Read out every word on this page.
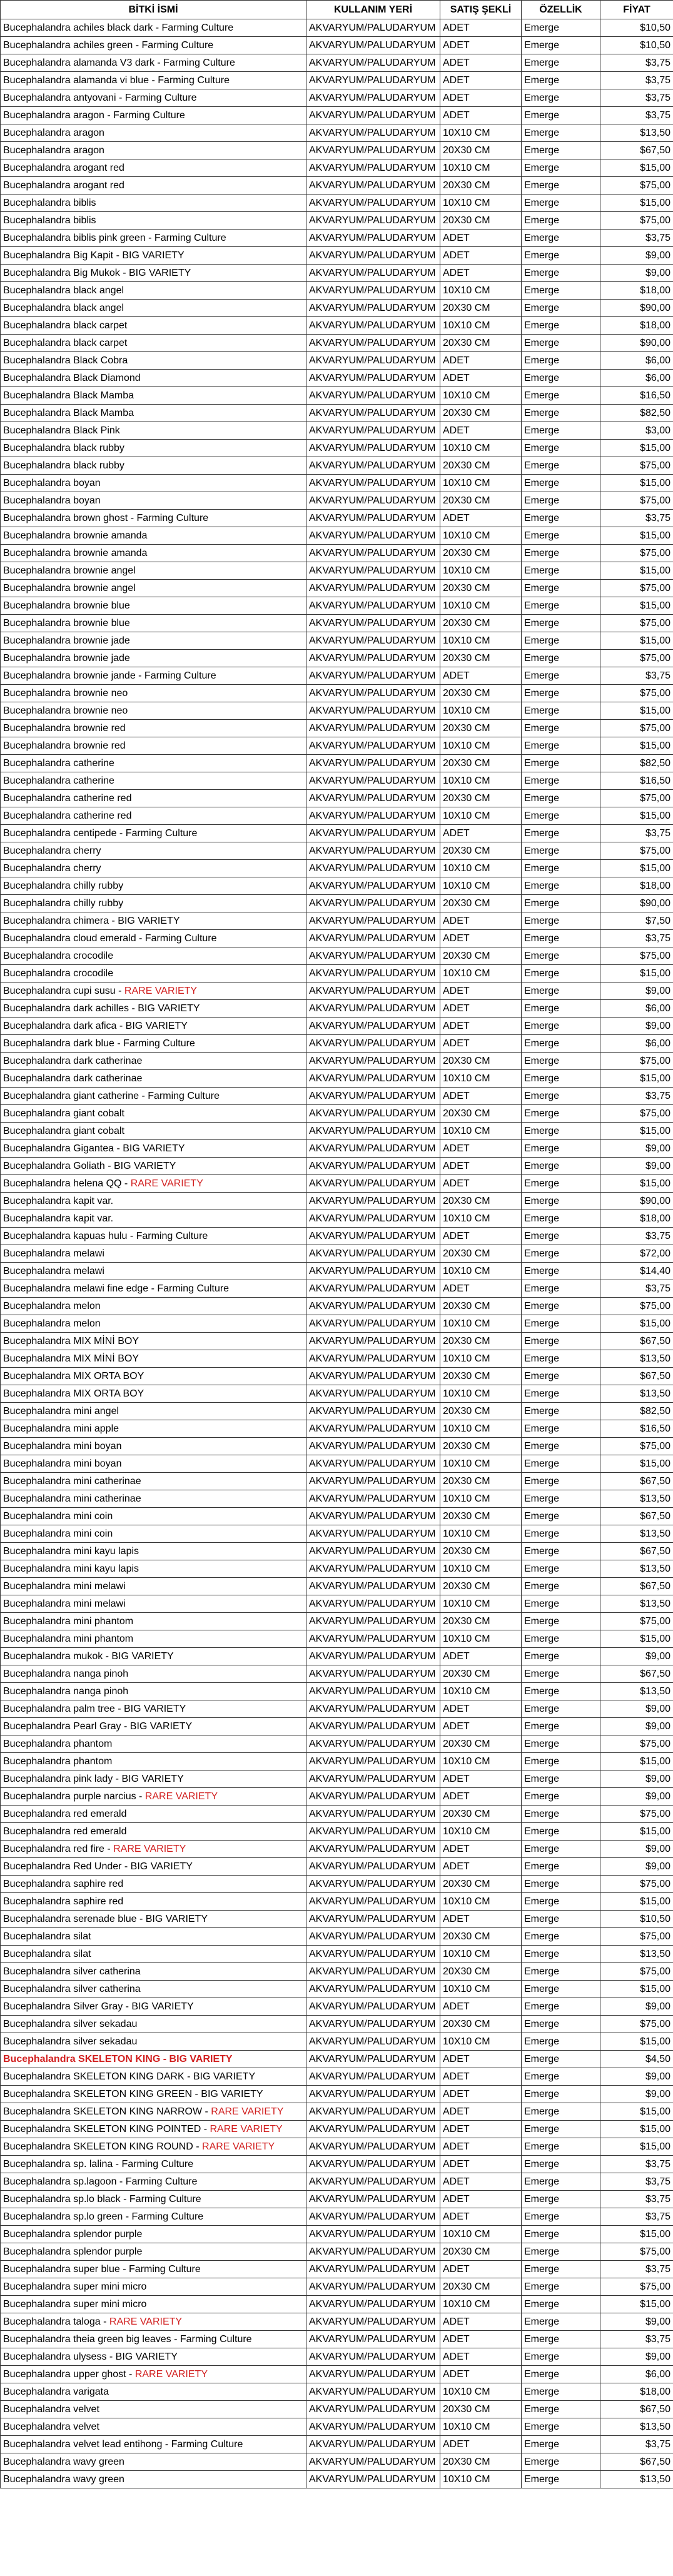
BİTKİ İSMİ	KULLANIM YERİ	SATIŞ ŞEKLİ	ÖZELLİK	FİYAT
Bucephalandra achiles black dark - Farming Culture	AKVARYUM/PALUDARYUM	ADET	Emerge	$10,50
Bucephalandra achiles green - Farming Culture	AKVARYUM/PALUDARYUM	ADET	Emerge	$10,50
Bucephalandra alamanda V3 dark - Farming Culture	AKVARYUM/PALUDARYUM	ADET	Emerge	$3,75
Bucephalandra alamanda vi blue - Farming Culture	AKVARYUM/PALUDARYUM	ADET	Emerge	$3,75
Bucephalandra antyovani - Farming Culture	AKVARYUM/PALUDARYUM	ADET	Emerge	$3,75
Bucephalandra aragon - Farming Culture	AKVARYUM/PALUDARYUM	ADET	Emerge	$3,75
Bucephalandra aragon	AKVARYUM/PALUDARYUM	10X10 CM	Emerge	$13,50
Bucephalandra aragon	AKVARYUM/PALUDARYUM	20X30 CM	Emerge	$67,50
Bucephalandra arogant red	AKVARYUM/PALUDARYUM	10X10 CM	Emerge	$15,00
Bucephalandra arogant red	AKVARYUM/PALUDARYUM	20X30 CM	Emerge	$75,00
Bucephalandra biblis	AKVARYUM/PALUDARYUM	10X10 CM	Emerge	$15,00
Bucephalandra biblis	AKVARYUM/PALUDARYUM	20X30 CM	Emerge	$75,00
Bucephalandra biblis pink green - Farming Culture	AKVARYUM/PALUDARYUM	ADET	Emerge	$3,75
Bucephalandra Big Kapit - BIG VARIETY	AKVARYUM/PALUDARYUM	ADET	Emerge	$9,00
Bucephalandra Big Mukok - BIG VARIETY	AKVARYUM/PALUDARYUM	ADET	Emerge	$9,00
Bucephalandra black angel	AKVARYUM/PALUDARYUM	10X10 CM	Emerge	$18,00
Bucephalandra black angel	AKVARYUM/PALUDARYUM	20X30 CM	Emerge	$90,00
Bucephalandra black carpet	AKVARYUM/PALUDARYUM	10X10 CM	Emerge	$18,00
Bucephalandra black carpet	AKVARYUM/PALUDARYUM	20X30 CM	Emerge	$90,00
Bucephalandra Black Cobra	AKVARYUM/PALUDARYUM	ADET	Emerge	$6,00
Bucephalandra Black Diamond	AKVARYUM/PALUDARYUM	ADET	Emerge	$6,00
Bucephalandra Black Mamba	AKVARYUM/PALUDARYUM	10X10 CM	Emerge	$16,50
Bucephalandra Black Mamba	AKVARYUM/PALUDARYUM	20X30 CM	Emerge	$82,50
Bucephalandra Black Pink	AKVARYUM/PALUDARYUM	ADET	Emerge	$3,00
Bucephalandra black rubby	AKVARYUM/PALUDARYUM	10X10 CM	Emerge	$15,00
Bucephalandra black rubby	AKVARYUM/PALUDARYUM	20X30 CM	Emerge	$75,00
Bucephalandra boyan	AKVARYUM/PALUDARYUM	10X10 CM	Emerge	$15,00
Bucephalandra boyan	AKVARYUM/PALUDARYUM	20X30 CM	Emerge	$75,00
Bucephalandra brown ghost - Farming Culture	AKVARYUM/PALUDARYUM	ADET	Emerge	$3,75
Bucephalandra brownie amanda	AKVARYUM/PALUDARYUM	10X10 CM	Emerge	$15,00
Bucephalandra brownie amanda	AKVARYUM/PALUDARYUM	20X30 CM	Emerge	$75,00
Bucephalandra brownie angel	AKVARYUM/PALUDARYUM	10X10 CM	Emerge	$15,00
Bucephalandra brownie angel	AKVARYUM/PALUDARYUM	20X30 CM	Emerge	$75,00
Bucephalandra brownie blue	AKVARYUM/PALUDARYUM	10X10 CM	Emerge	$15,00
Bucephalandra brownie blue	AKVARYUM/PALUDARYUM	20X30 CM	Emerge	$75,00
Bucephalandra brownie jade	AKVARYUM/PALUDARYUM	10X10 CM	Emerge	$15,00
Bucephalandra brownie jade	AKVARYUM/PALUDARYUM	20X30 CM	Emerge	$75,00
Bucephalandra brownie jande - Farming Culture	AKVARYUM/PALUDARYUM	ADET	Emerge	$3,75
Bucephalandra brownie neo	AKVARYUM/PALUDARYUM	20X30 CM	Emerge	$75,00
Bucephalandra brownie neo	AKVARYUM/PALUDARYUM	10X10 CM	Emerge	$15,00
Bucephalandra brownie red	AKVARYUM/PALUDARYUM	20X30 CM	Emerge	$75,00
Bucephalandra brownie red	AKVARYUM/PALUDARYUM	10X10 CM	Emerge	$15,00
Bucephalandra catherine	AKVARYUM/PALUDARYUM	20X30 CM	Emerge	$82,50
Bucephalandra catherine	AKVARYUM/PALUDARYUM	10X10 CM	Emerge	$16,50
Bucephalandra catherine red	AKVARYUM/PALUDARYUM	20X30 CM	Emerge	$75,00
Bucephalandra catherine red	AKVARYUM/PALUDARYUM	10X10 CM	Emerge	$15,00
Bucephalandra centipede - Farming Culture	AKVARYUM/PALUDARYUM	ADET	Emerge	$3,75
Bucephalandra cherry	AKVARYUM/PALUDARYUM	20X30 CM	Emerge	$75,00
Bucephalandra cherry	AKVARYUM/PALUDARYUM	10X10 CM	Emerge	$15,00
Bucephalandra chilly rubby	AKVARYUM/PALUDARYUM	10X10 CM	Emerge	$18,00
Bucephalandra chilly rubby	AKVARYUM/PALUDARYUM	20X30 CM	Emerge	$90,00
Bucephalandra chimera - BIG VARIETY	AKVARYUM/PALUDARYUM	ADET	Emerge	$7,50
Bucephalandra cloud emerald - Farming Culture	AKVARYUM/PALUDARYUM	ADET	Emerge	$3,75
Bucephalandra crocodile	AKVARYUM/PALUDARYUM	20X30 CM	Emerge	$75,00
Bucephalandra crocodile	AKVARYUM/PALUDARYUM	10X10 CM	Emerge	$15,00
Bucephalandra cupi susu - RARE VARIETY	AKVARYUM/PALUDARYUM	ADET	Emerge	$9,00
Bucephalandra dark achilles - BIG VARIETY	AKVARYUM/PALUDARYUM	ADET	Emerge	$6,00
Bucephalandra dark afica - BIG VARIETY	AKVARYUM/PALUDARYUM	ADET	Emerge	$9,00
Bucephalandra dark blue - Farming Culture	AKVARYUM/PALUDARYUM	ADET	Emerge	$6,00
Bucephalandra dark catherinae	AKVARYUM/PALUDARYUM	20X30 CM	Emerge	$75,00
Bucephalandra dark catherinae	AKVARYUM/PALUDARYUM	10X10 CM	Emerge	$15,00
Bucephalandra giant catherine - Farming Culture	AKVARYUM/PALUDARYUM	ADET	Emerge	$3,75
Bucephalandra giant cobalt	AKVARYUM/PALUDARYUM	20X30 CM	Emerge	$75,00
Bucephalandra giant cobalt	AKVARYUM/PALUDARYUM	10X10 CM	Emerge	$15,00
Bucephalandra Gigantea - BIG VARIETY	AKVARYUM/PALUDARYUM	ADET	Emerge	$9,00
Bucephalandra Goliath - BIG VARIETY	AKVARYUM/PALUDARYUM	ADET	Emerge	$9,00
Bucephalandra helena QQ - RARE VARIETY	AKVARYUM/PALUDARYUM	ADET	Emerge	$15,00
Bucephalandra kapit var.	AKVARYUM/PALUDARYUM	20X30 CM	Emerge	$90,00
Bucephalandra kapit var.	AKVARYUM/PALUDARYUM	10X10 CM	Emerge	$18,00
Bucephalandra kapuas hulu - Farming Culture	AKVARYUM/PALUDARYUM	ADET	Emerge	$3,75
Bucephalandra melawi	AKVARYUM/PALUDARYUM	20X30 CM	Emerge	$72,00
Bucephalandra melawi	AKVARYUM/PALUDARYUM	10X10 CM	Emerge	$14,40
Bucephalandra melawi fine edge - Farming Culture	AKVARYUM/PALUDARYUM	ADET	Emerge	$3,75
Bucephalandra melon	AKVARYUM/PALUDARYUM	20X30 CM	Emerge	$75,00
Bucephalandra melon	AKVARYUM/PALUDARYUM	10X10 CM	Emerge	$15,00
Bucephalandra MIX MİNİ BOY	AKVARYUM/PALUDARYUM	20X30 CM	Emerge	$67,50
Bucephalandra MIX MİNİ BOY	AKVARYUM/PALUDARYUM	10X10 CM	Emerge	$13,50
Bucephalandra MIX ORTA BOY	AKVARYUM/PALUDARYUM	20X30 CM	Emerge	$67,50
Bucephalandra MIX ORTA BOY	AKVARYUM/PALUDARYUM	10X10 CM	Emerge	$13,50
Bucephalandra mini angel	AKVARYUM/PALUDARYUM	20X30 CM	Emerge	$82,50
Bucephalandra mini apple	AKVARYUM/PALUDARYUM	10X10 CM	Emerge	$16,50
Bucephalandra mini boyan	AKVARYUM/PALUDARYUM	20X30 CM	Emerge	$75,00
Bucephalandra mini boyan	AKVARYUM/PALUDARYUM	10X10 CM	Emerge	$15,00
Bucephalandra mini catherinae	AKVARYUM/PALUDARYUM	20X30 CM	Emerge	$67,50
Bucephalandra mini catherinae	AKVARYUM/PALUDARYUM	10X10 CM	Emerge	$13,50
Bucephalandra mini coin	AKVARYUM/PALUDARYUM	20X30 CM	Emerge	$67,50
Bucephalandra mini coin	AKVARYUM/PALUDARYUM	10X10 CM	Emerge	$13,50
Bucephalandra mini kayu lapis	AKVARYUM/PALUDARYUM	20X30 CM	Emerge	$67,50
Bucephalandra mini kayu lapis	AKVARYUM/PALUDARYUM	10X10 CM	Emerge	$13,50
Bucephalandra mini melawi	AKVARYUM/PALUDARYUM	20X30 CM	Emerge	$67,50
Bucephalandra mini melawi	AKVARYUM/PALUDARYUM	10X10 CM	Emerge	$13,50
Bucephalandra mini phantom	AKVARYUM/PALUDARYUM	20X30 CM	Emerge	$75,00
Bucephalandra mini phantom	AKVARYUM/PALUDARYUM	10X10 CM	Emerge	$15,00
Bucephalandra mukok - BIG VARIETY	AKVARYUM/PALUDARYUM	ADET	Emerge	$9,00
Bucephalandra nanga pinoh	AKVARYUM/PALUDARYUM	20X30 CM	Emerge	$67,50
Bucephalandra nanga pinoh	AKVARYUM/PALUDARYUM	10X10 CM	Emerge	$13,50
Bucephalandra palm tree - BIG VARIETY	AKVARYUM/PALUDARYUM	ADET	Emerge	$9,00
Bucephalandra Pearl Gray - BIG VARIETY	AKVARYUM/PALUDARYUM	ADET	Emerge	$9,00
Bucephalandra phantom	AKVARYUM/PALUDARYUM	20X30 CM	Emerge	$75,00
Bucephalandra phantom	AKVARYUM/PALUDARYUM	10X10 CM	Emerge	$15,00
Bucephalandra pink lady - BIG VARIETY	AKVARYUM/PALUDARYUM	ADET	Emerge	$9,00
Bucephalandra purple narcius - RARE VARIETY	AKVARYUM/PALUDARYUM	ADET	Emerge	$9,00
Bucephalandra red emerald	AKVARYUM/PALUDARYUM	20X30 CM	Emerge	$75,00
Bucephalandra red emerald	AKVARYUM/PALUDARYUM	10X10 CM	Emerge	$15,00
Bucephalandra red fire - RARE VARIETY	AKVARYUM/PALUDARYUM	ADET	Emerge	$9,00
Bucephalandra Red Under - BIG VARIETY	AKVARYUM/PALUDARYUM	ADET	Emerge	$9,00
Bucephalandra saphire red	AKVARYUM/PALUDARYUM	20X30 CM	Emerge	$75,00
Bucephalandra saphire red	AKVARYUM/PALUDARYUM	10X10 CM	Emerge	$15,00
Bucephalandra serenade blue - BIG VARIETY	AKVARYUM/PALUDARYUM	ADET	Emerge	$10,50
Bucephalandra silat	AKVARYUM/PALUDARYUM	20X30 CM	Emerge	$75,00
Bucephalandra silat	AKVARYUM/PALUDARYUM	10X10 CM	Emerge	$13,50
Bucephalandra silver catherina	AKVARYUM/PALUDARYUM	20X30 CM	Emerge	$75,00
Bucephalandra silver catherina	AKVARYUM/PALUDARYUM	10X10 CM	Emerge	$15,00
Bucephalandra Silver Gray - BIG VARIETY	AKVARYUM/PALUDARYUM	ADET	Emerge	$9,00
Bucephalandra silver sekadau	AKVARYUM/PALUDARYUM	20X30 CM	Emerge	$75,00
Bucephalandra silver sekadau	AKVARYUM/PALUDARYUM	10X10 CM	Emerge	$15,00
Bucephalandra SKELETON KING - BIG VARIETY	AKVARYUM/PALUDARYUM	ADET	Emerge	$4,50
Bucephalandra SKELETON KING DARK - BIG VARIETY	AKVARYUM/PALUDARYUM	ADET	Emerge	$9,00
Bucephalandra SKELETON KING GREEN - BIG VARIETY	AKVARYUM/PALUDARYUM	ADET	Emerge	$9,00
Bucephalandra SKELETON KING NARROW - RARE VARIETY	AKVARYUM/PALUDARYUM	ADET	Emerge	$15,00
Bucephalandra SKELETON KING POINTED - RARE VARIETY	AKVARYUM/PALUDARYUM	ADET	Emerge	$15,00
Bucephalandra SKELETON KING ROUND - RARE VARIETY	AKVARYUM/PALUDARYUM	ADET	Emerge	$15,00
Bucephalandra sp. lalina - Farming Culture	AKVARYUM/PALUDARYUM	ADET	Emerge	$3,75
Bucephalandra sp.lagoon - Farming Culture	AKVARYUM/PALUDARYUM	ADET	Emerge	$3,75
Bucephalandra sp.lo black - Farming Culture	AKVARYUM/PALUDARYUM	ADET	Emerge	$3,75
Bucephalandra sp.lo green - Farming Culture	AKVARYUM/PALUDARYUM	ADET	Emerge	$3,75
Bucephalandra splendor purple	AKVARYUM/PALUDARYUM	10X10 CM	Emerge	$15,00
Bucephalandra splendor purple	AKVARYUM/PALUDARYUM	20X30 CM	Emerge	$75,00
Bucephalandra super blue - Farming Culture	AKVARYUM/PALUDARYUM	ADET	Emerge	$3,75
Bucephalandra super mini micro	AKVARYUM/PALUDARYUM	20X30 CM	Emerge	$75,00
Bucephalandra super mini micro	AKVARYUM/PALUDARYUM	10X10 CM	Emerge	$15,00
Bucephalandra taloga - RARE VARIETY	AKVARYUM/PALUDARYUM	ADET	Emerge	$9,00
Bucephalandra theia green big leaves - Farming Culture	AKVARYUM/PALUDARYUM	ADET	Emerge	$3,75
Bucephalandra ulysess - BIG VARIETY	AKVARYUM/PALUDARYUM	ADET	Emerge	$9,00
Bucephalandra upper ghost - RARE VARIETY	AKVARYUM/PALUDARYUM	ADET	Emerge	$6,00
Bucephalandra varigata	AKVARYUM/PALUDARYUM	10X10 CM	Emerge	$18,00
Bucephalandra velvet	AKVARYUM/PALUDARYUM	20X30 CM	Emerge	$67,50
Bucephalandra velvet	AKVARYUM/PALUDARYUM	10X10 CM	Emerge	$13,50
Bucephalandra velvet lead entihong - Farming Culture	AKVARYUM/PALUDARYUM	ADET	Emerge	$3,75
Bucephalandra wavy green	AKVARYUM/PALUDARYUM	20X30 CM	Emerge	$67,50
Bucephalandra wavy green	AKVARYUM/PALUDARYUM	10X10 CM	Emerge	$13,50
